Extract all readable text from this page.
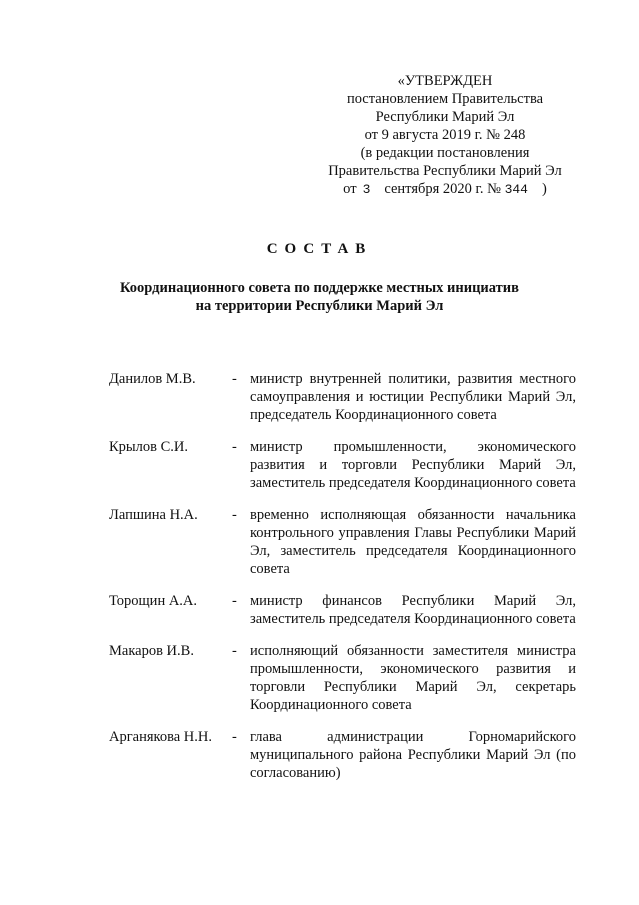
«УТВЕРЖДЕН
постановлением Правительства
Республики Марий Эл
от 9 августа 2019 г. № 248
(в редакции постановления
Правительства Республики Марий Эл
от 3 сентября 2020 г. № 344 )
СОСТАВ
Координационного совета по поддержке местных инициатив
на территории Республики Марий Эл
Данилов М.В.	- министр внутренней политики, развития местного самоуправления и юстиции Республики Марий Эл, председатель Координационного совета
Крылов С.И.	- министр промышленности, экономического развития и торговли Республики Марий Эл, заместитель председателя Координационного совета
Лапшина Н.А. - временно исполняющая обязанности начальника контрольного управления Главы Республики Марий Эл, заместитель председателя Координационного совета
Торощин А.А. - министр финансов Республики Марий Эл, заместитель председателя Координационного совета
Макаров И.В.	- исполняющий обязанности заместителя министра промышленности, экономического развития и торговли Республики Марий Эл, секретарь Координационного совета
Арганякова Н.Н. - глава администрации Горномарийского муниципального района Республики Марий Эл (по согласованию)
